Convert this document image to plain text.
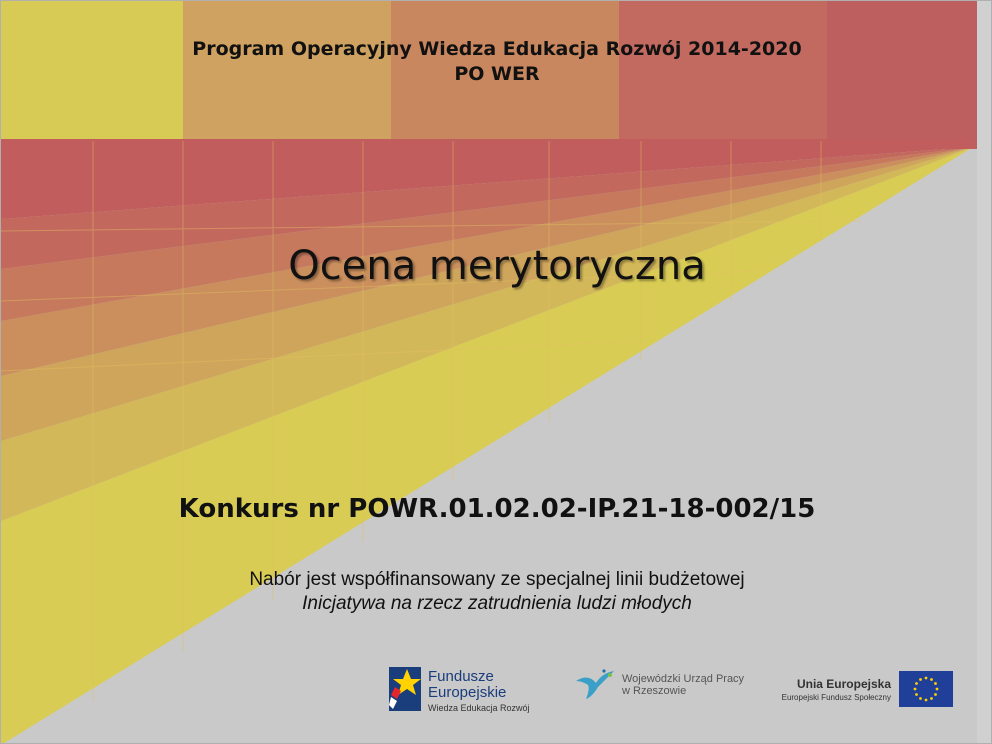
Program Operacyjny Wiedza Edukacja Rozwój 2014-2020
PO WER
Ocena merytoryczna
Konkurs nr POWR.01.02.02-IP.21-18-002/15
Nabór jest współfinansowany ze specjalnej linii budżetowej
Inicjatywa na rzecz zatrudnienia ludzi młodych
Fundusze
Europejskie
Wiedza Edukacja Rozwój
Wojewódzki Urząd Pracy
w Rzeszowie	Unia Europejska
Europejski Fundusz Społeczny
